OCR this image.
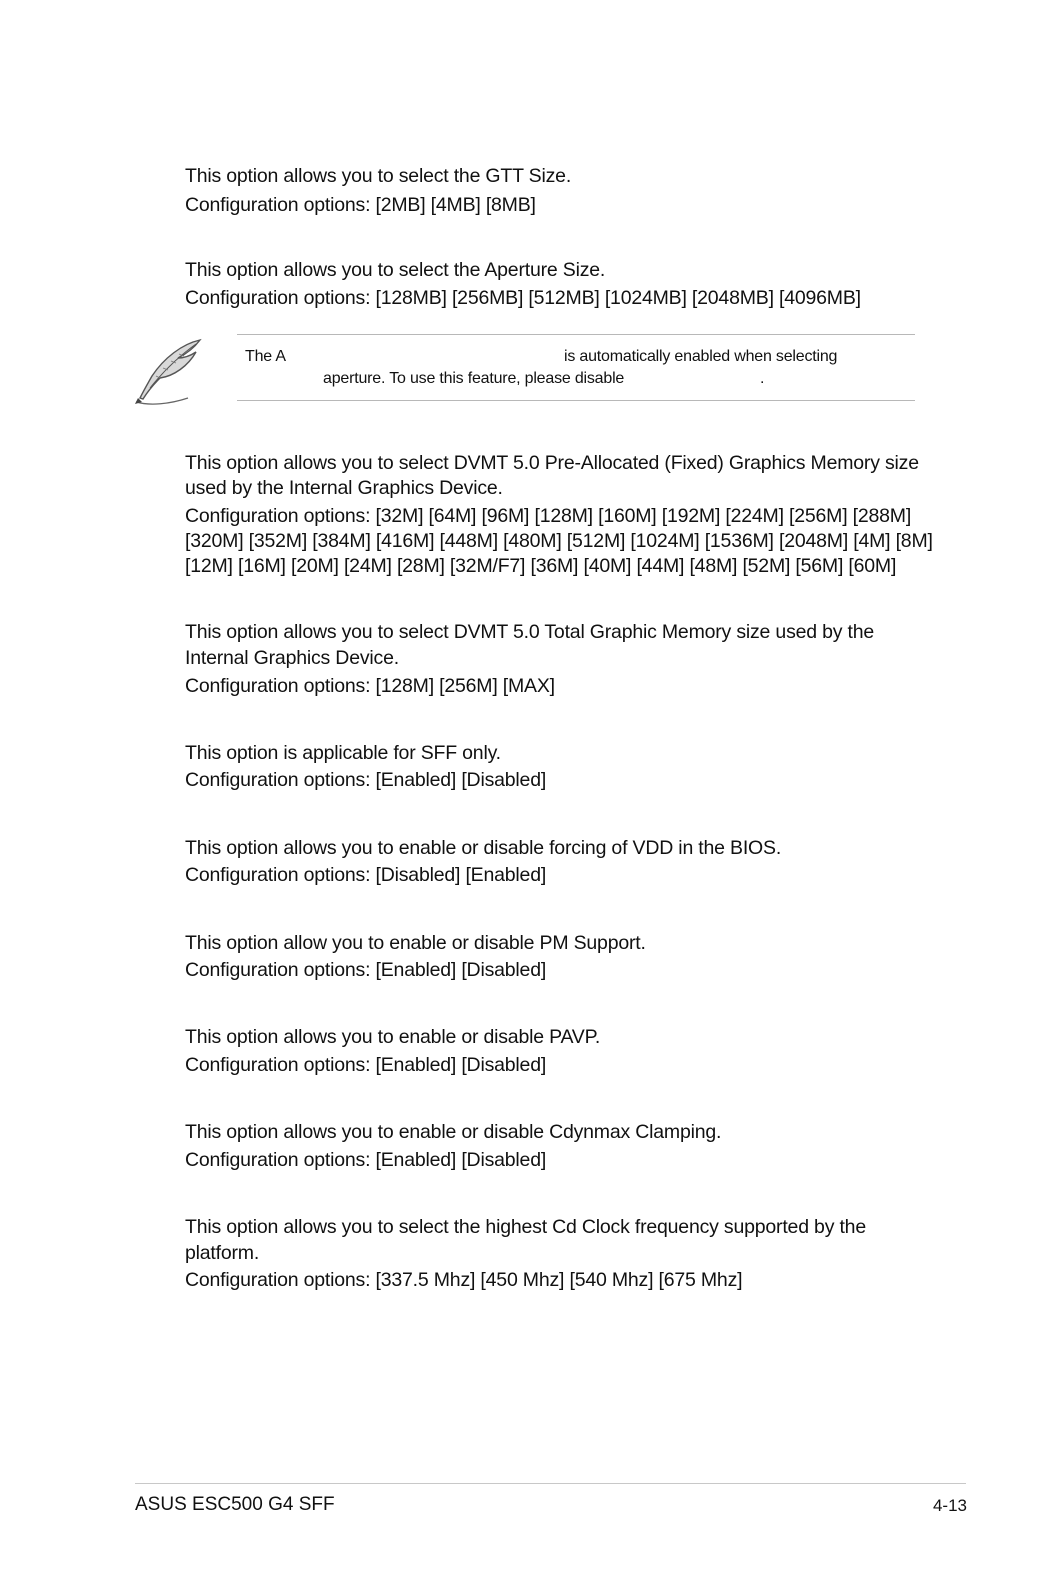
This option allows you to select the GTT Size.
Configuration options: [2MB] [4MB] [8MB]
This option allows you to select the Aperture Size.
Configuration options: [128MB] [256MB] [512MB] [1024MB] [2048MB] [4096MB]
The A	is automatically enabled when selecting
aperture. To use this feature, please disable	.
This option allows you to select DVMT 5.0 Pre-Allocated (Fixed) Graphics Memory size
used by the Internal Graphics Device.
Configuration options: [32M] [64M] [96M] [128M] [160M] [192M] [224M] [256M] [288M]
[320M] [352M] [384M] [416M] [448M] [480M] [512M] [1024M] [1536M] [2048M] [4M] [8M]
[12M] [16M] [20M] [24M] [28M] [32M/F7] [36M] [40M] [44M] [48M] [52M] [56M] [60M]
This option allows you to select DVMT 5.0 Total Graphic Memory size used by the
Internal Graphics Device.
Configuration options: [128M] [256M] [MAX]
This option is applicable for SFF only.
Configuration options: [Enabled] [Disabled]
This option allows you to enable or disable forcing of VDD in the BIOS.
Configuration options: [Disabled] [Enabled]
This option allow you to enable or disable PM Support.
Configuration options: [Enabled] [Disabled]
This option allows you to enable or disable PAVP.
Configuration options: [Enabled] [Disabled]
This option allows you to enable or disable Cdynmax Clamping.
Configuration options: [Enabled] [Disabled]
This option allows you to select the highest Cd Clock frequency supported by the
platform.
Configuration options: [337.5 Mhz] [450 Mhz] [540 Mhz] [675 Mhz]
ASUS ESC500 G4 SFF	4-13
